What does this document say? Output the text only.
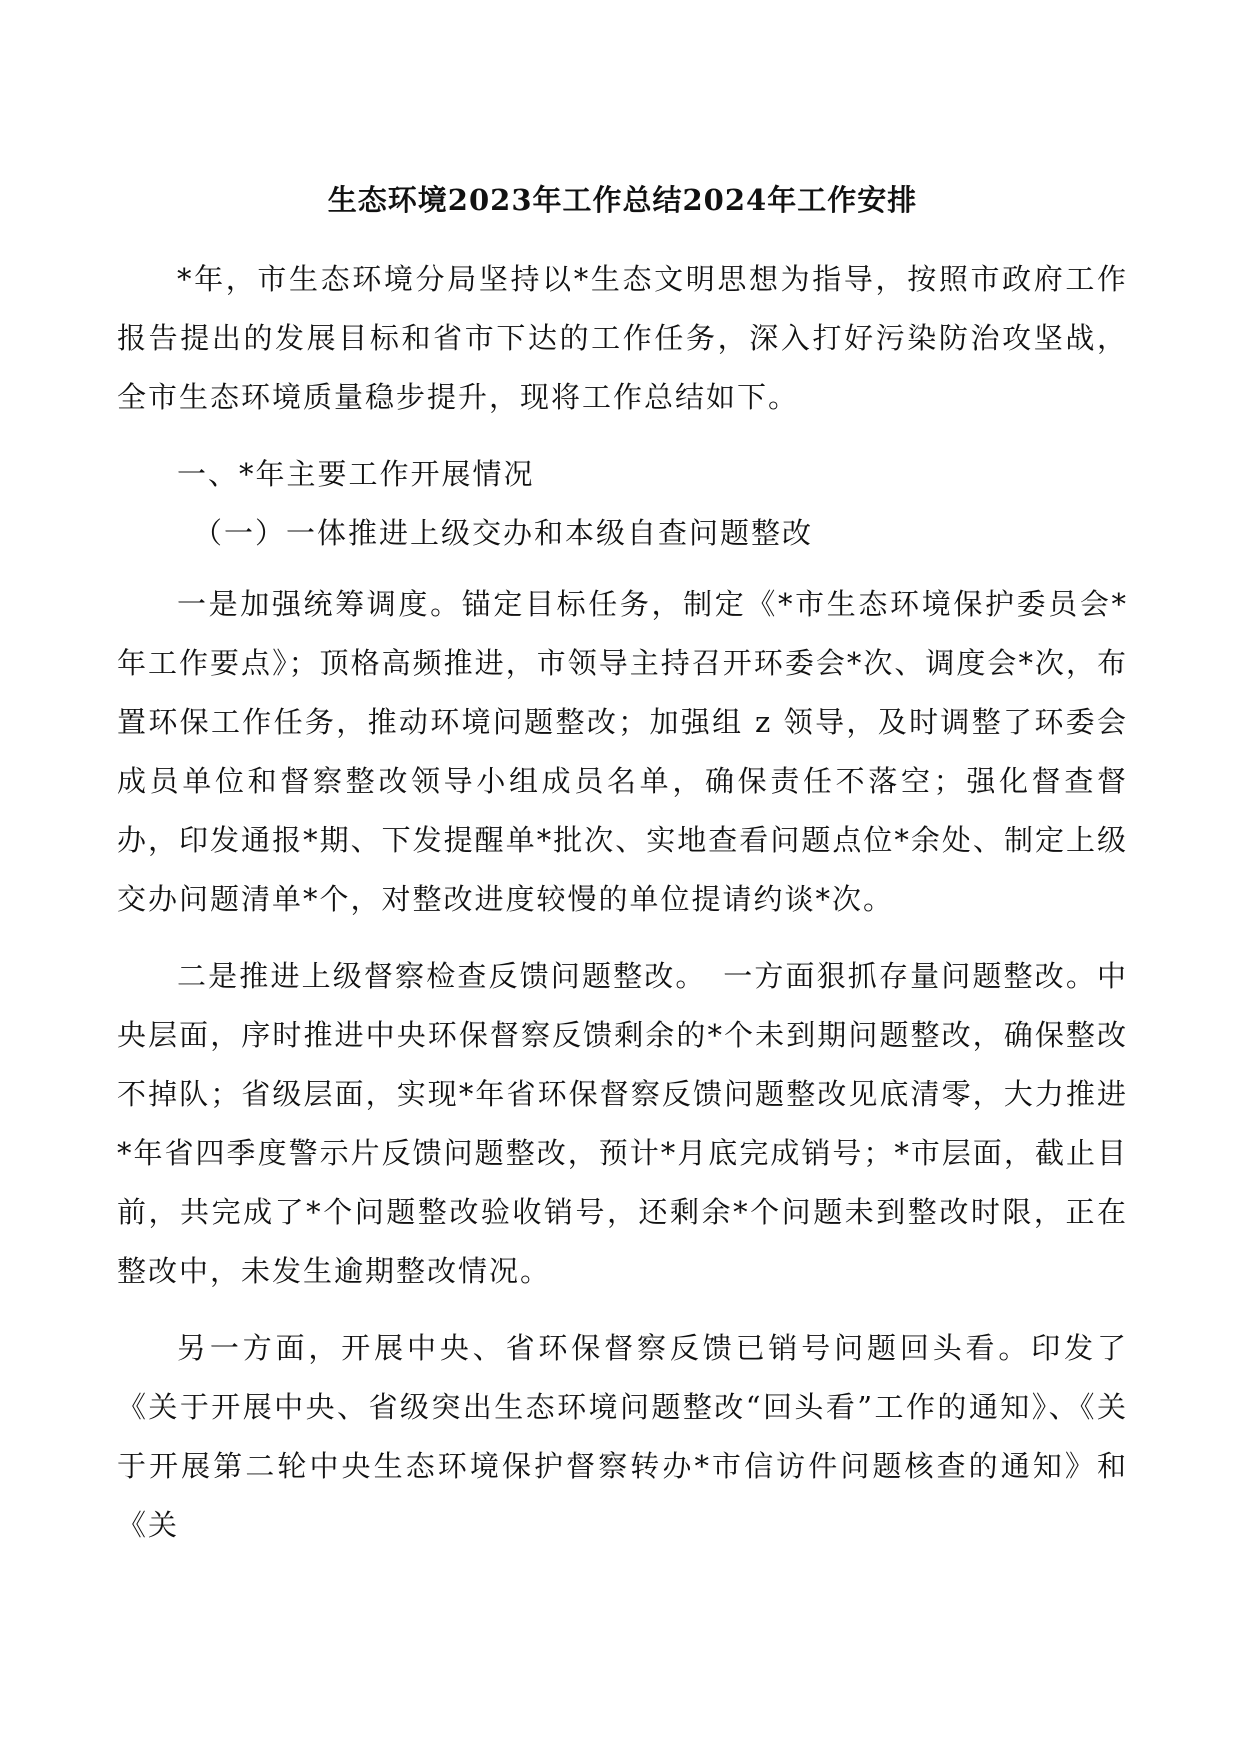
生态环境2023年工作总结2024年工作安排

*年，市生态环境分局坚持以*生态文明思想为指导，按照市政府工作报告提出的发展目标和省市下达的工作任务，深入打好污染防治攻坚战，全市生态环境质量稳步提升，现将工作总结如下。

一、*年主要工作开展情况

（一）一体推进上级交办和本级自查问题整改

一是加强统筹调度。锚定目标任务，制定《*市生态环境保护委员会*年工作要点》；顶格高频推进，市领导主持召开环委会*次、调度会*次，布置环保工作任务，推动环境问题整改；加强组 z 领导，及时调整了环委会成员单位和督察整改领导小组成员名单，确保责任不落空；强化督查督办，印发通报*期、下发提醒单*批次、实地查看问题点位*余处、制定上级交办问题清单*个，对整改进度较慢的单位提请约谈*次。

二是推进上级督察检查反馈问题整改。　一方面狠抓存量问题整改。中央层面，序时推进中央环保督察反馈剩余的*个未到期问题整改，确保整改不掉队；省级层面，实现*年省环保督察反馈问题整改见底清零，大力推进*年省四季度警示片反馈问题整改，预计*月底完成销号；*市层面，截止目前，共完成了*个问题整改验收销号，还剩余*个问题未到整改时限，正在整改中，未发生逾期整改情况。

另一方面，开展中央、省环保督察反馈已销号问题回头看。印发了《关于开展中央、省级突出生态环境问题整改“回头看”工作的通知》、《关于开展第二轮中央生态环境保护督察转办*市信访件问题核查的通知》和《关
